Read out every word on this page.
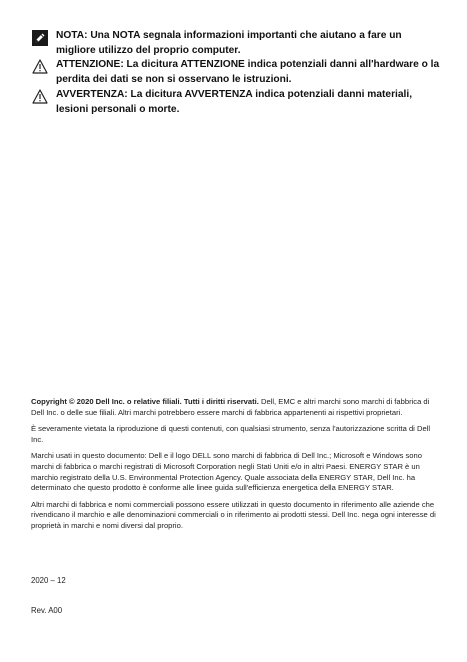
NOTA: Una NOTA segnala informazioni importanti che aiutano a fare un migliore utilizzo del proprio computer.
ATTENZIONE: La dicitura ATTENZIONE indica potenziali danni all'hardware o la perdita dei dati se non si osservano le istruzioni.
AVVERTENZA: La dicitura AVVERTENZA indica potenziali danni materiali, lesioni personali o morte.

Copyright © 2020 Dell Inc. o relative filiali. Tutti i diritti riservati. Dell, EMC e altri marchi sono marchi di fabbrica di Dell Inc. o delle sue filiali. Altri marchi potrebbero essere marchi di fabbrica appartenenti ai rispettivi proprietari.

È severamente vietata la riproduzione di questi contenuti, con qualsiasi strumento, senza l'autorizzazione scritta di Dell Inc.

Marchi usati in questo documento: Dell e il logo DELL sono marchi di fabbrica di Dell Inc.; Microsoft e Windows sono marchi di fabbrica o marchi registrati di Microsoft Corporation negli Stati Uniti e/o in altri Paesi. ENERGY STAR è un marchio registrato della U.S. Environmental Protection Agency. Quale associata della ENERGY STAR, Dell Inc. ha determinato che questo prodotto è conforme alle linee guida sull'efficienza energetica della ENERGY STAR.

Altri marchi di fabbrica e nomi commerciali possono essere utilizzati in questo documento in riferimento alle aziende che rivendicano il marchio e alle denominazioni commerciali o in riferimento ai prodotti stessi. Dell Inc. nega ogni interesse di proprietà in marchi e nomi diversi dal proprio.

2020 – 12
Rev. A00
